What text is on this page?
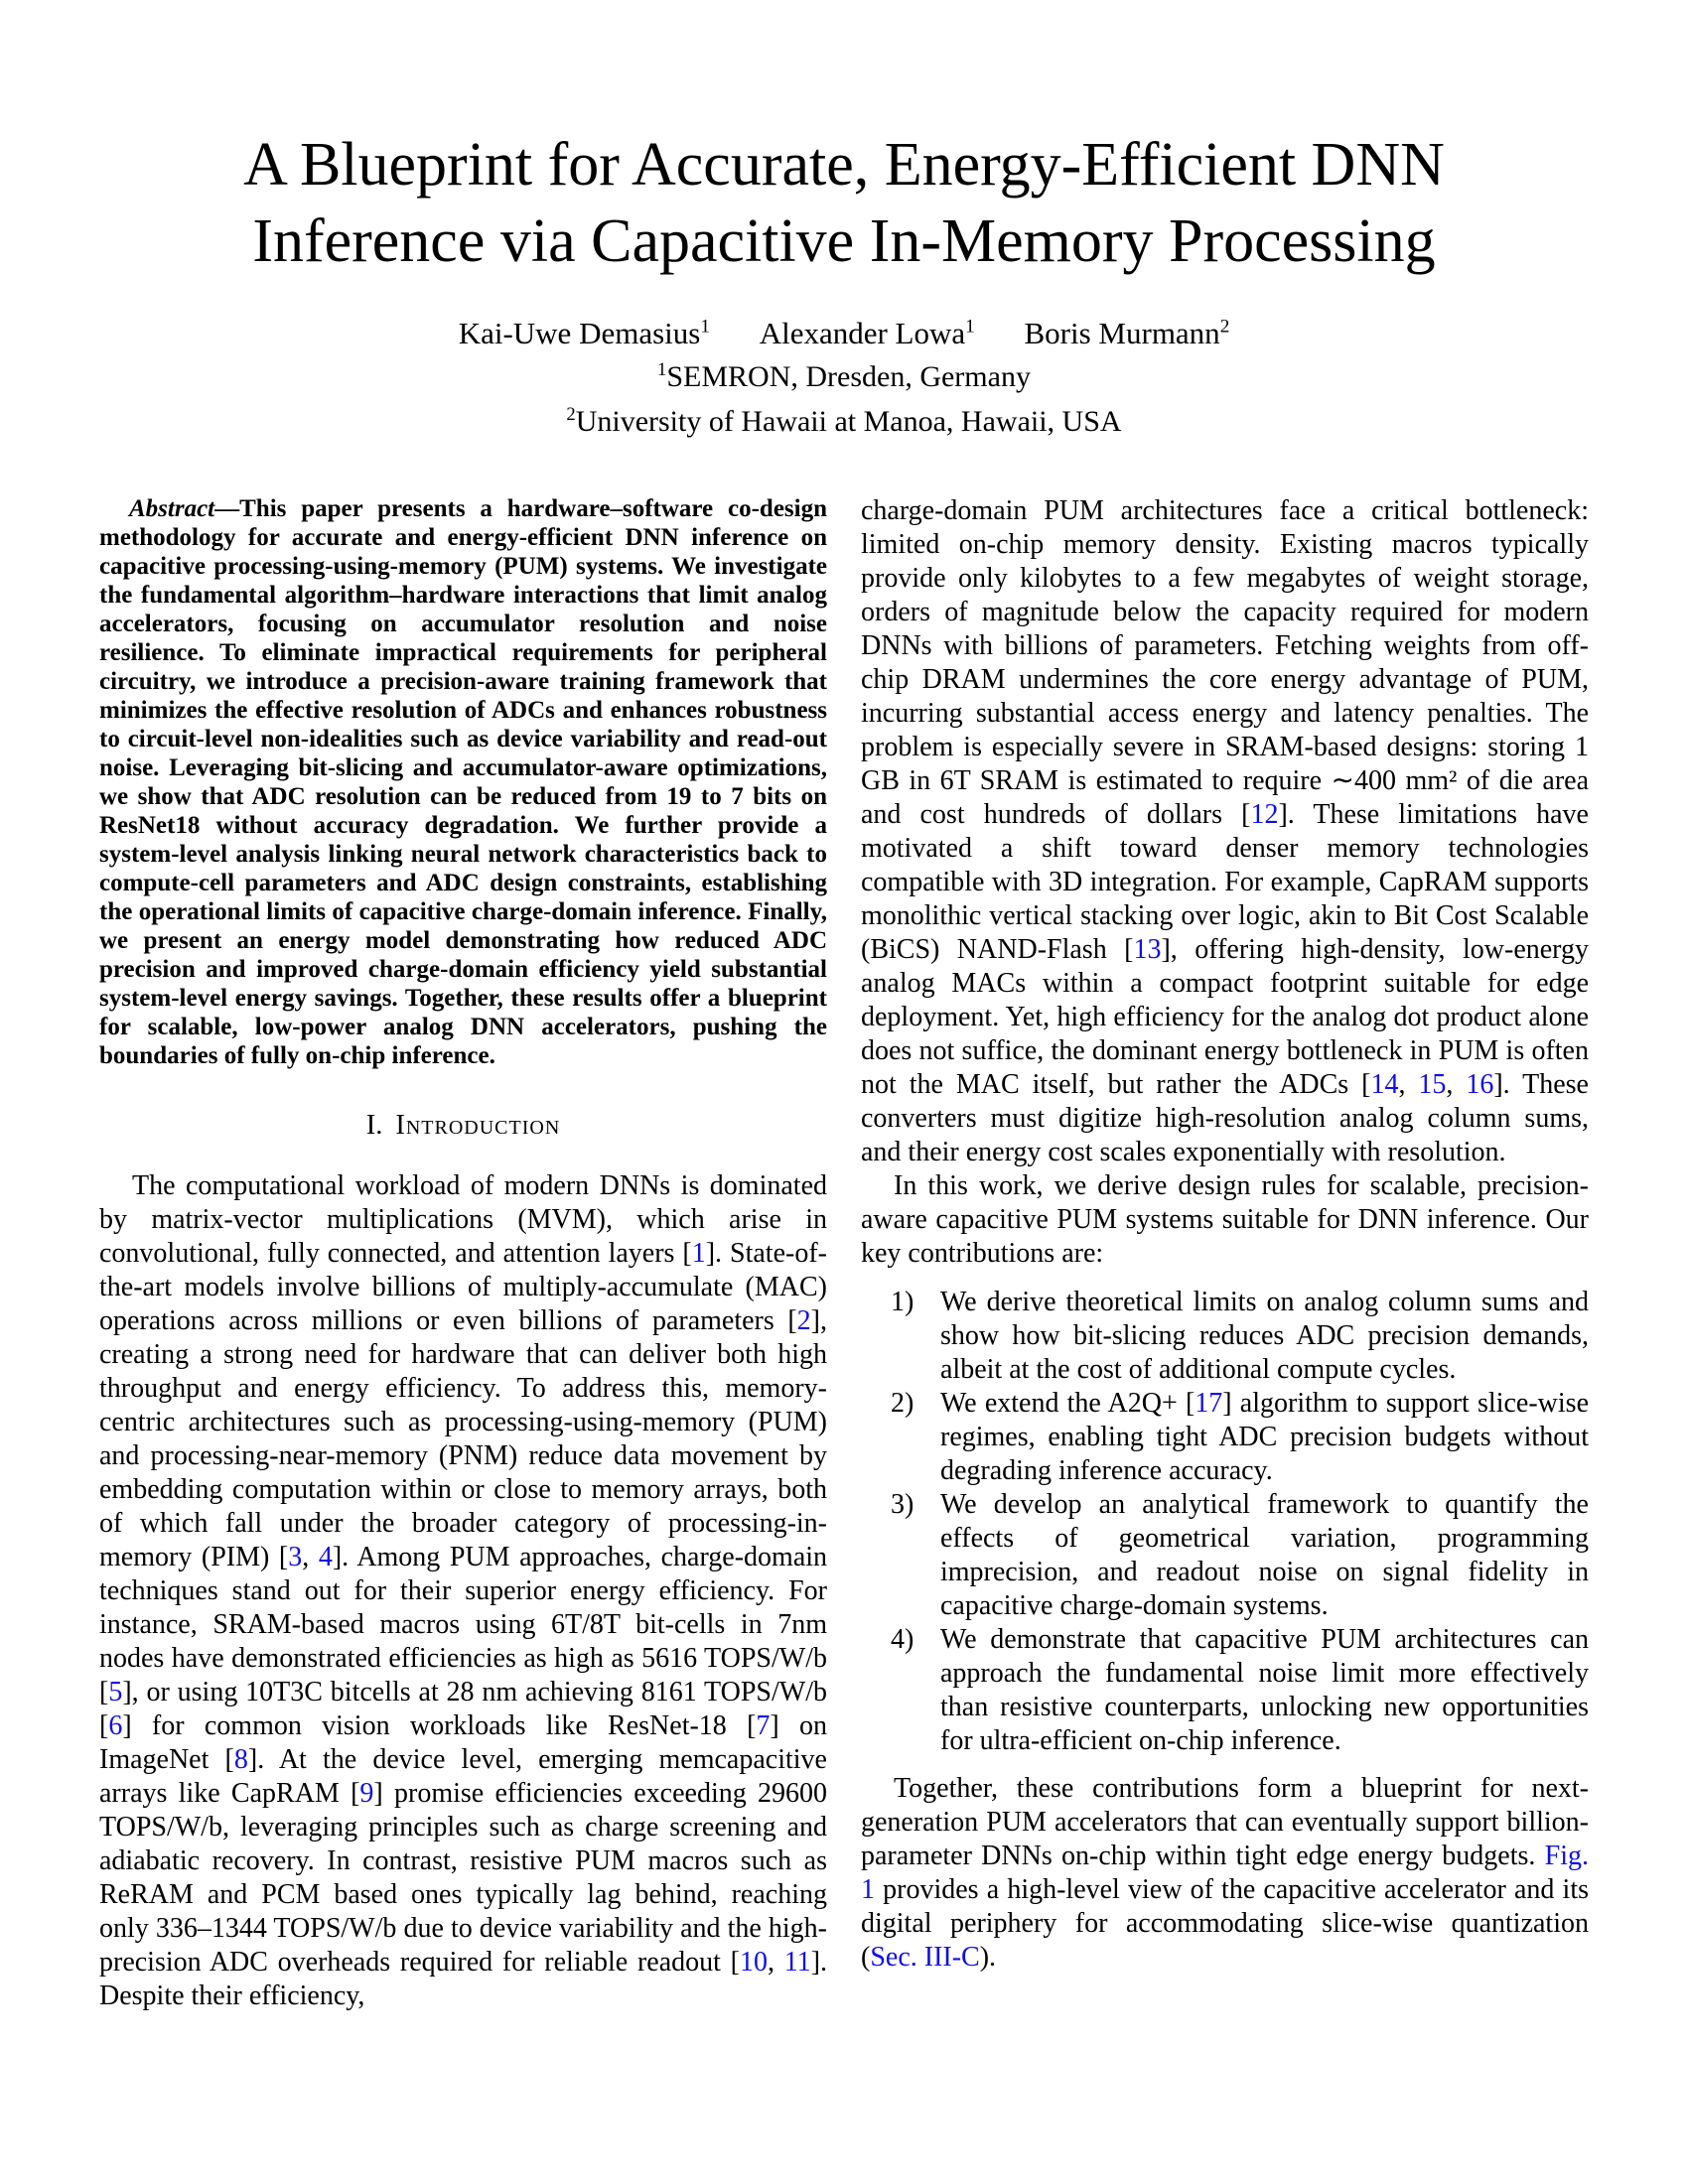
A Blueprint for Accurate, Energy-Efficient DNN Inference via Capacitive In-Memory Processing
Kai-Uwe Demasius$^1$ Alexander Lowa$^1$ Boris Murmann$^2$
$^1$SEMRON, Dresden, Germany
$^2$University of Hawaii at Manoa, Hawaii, USA

Abstract—This paper presents a hardware–software co-design methodology for accurate and energy-efficient DNN inference on capacitive processing-using-memory (PUM) systems. We investigate the fundamental algorithm–hardware interactions that limit analog accelerators, focusing on accumulator resolution and noise resilience. To eliminate impractical requirements for peripheral circuitry, we introduce a precision-aware training framework that minimizes the effective resolution of ADCs and enhances robustness to circuit-level non-idealities such as device variability and read-out noise. Leveraging bit-slicing and accumulator-aware optimizations, we show that ADC resolution can be reduced from 19 to 7 bits on ResNet18 without accuracy degradation. We further provide a system-level analysis linking neural network characteristics back to compute-cell parameters and ADC design constraints, establishing the operational limits of capacitive charge-domain inference. Finally, we present an energy model demonstrating how reduced ADC precision and improved charge-domain efficiency yield substantial system-level energy savings. Together, these results offer a blueprint for scalable, low-power analog DNN accelerators, pushing the boundaries of fully on-chip inference.

I. Introduction

The computational workload of modern DNNs is dominated by matrix-vector multiplications (MVM), which arise in convolutional, fully connected, and attention layers [1]. State-of-the-art models involve billions of multiply-accumulate (MAC) operations across millions or even billions of parameters [2], creating a strong need for hardware that can deliver both high throughput and energy efficiency. To address this, memory-centric architectures such as processing-using-memory (PUM) and processing-near-memory (PNM) reduce data movement by embedding computation within or close to memory arrays, both of which fall under the broader category of processing-in-memory (PIM) [3, 4]. Among PUM approaches, charge-domain techniques stand out for their superior energy efficiency. For instance, SRAM-based macros using 6T/8T bit-cells in 7nm nodes have demonstrated efficiencies as high as 5616 TOPS/W/b [5], or using 10T3C bitcells at 28 nm achieving 8161 TOPS/W/b [6] for common vision workloads like ResNet-18 [7] on ImageNet [8]. At the device level, emerging memcapacitive arrays like CapRAM [9] promise efficiencies exceeding 29600 TOPS/W/b, leveraging principles such as charge screening and adiabatic recovery. In contrast, resistive PUM macros such as ReRAM and PCM based ones typically lag behind, reaching only 336–1344 TOPS/W/b due to device variability and the high-precision ADC overheads required for reliable readout [10, 11]. Despite their efficiency,

charge-domain PUM architectures face a critical bottleneck: limited on-chip memory density. Existing macros typically provide only kilobytes to a few megabytes of weight storage, orders of magnitude below the capacity required for modern DNNs with billions of parameters. Fetching weights from off-chip DRAM undermines the core energy advantage of PUM, incurring substantial access energy and latency penalties. The problem is especially severe in SRAM-based designs: storing 1 GB in 6T SRAM is estimated to require ∼400 mm² of die area and cost hundreds of dollars [12]. These limitations have motivated a shift toward denser memory technologies compatible with 3D integration. For example, CapRAM supports monolithic vertical stacking over logic, akin to Bit Cost Scalable (BiCS) NAND-Flash [13], offering high-density, low-energy analog MACs within a compact footprint suitable for edge deployment. Yet, high efficiency for the analog dot product alone does not suffice, the dominant energy bottleneck in PUM is often not the MAC itself, but rather the ADCs [14, 15, 16]. These converters must digitize high-resolution analog column sums, and their energy cost scales exponentially with resolution.

In this work, we derive design rules for scalable, precision-aware capacitive PUM systems suitable for DNN inference. Our key contributions are:

1) We derive theoretical limits on analog column sums and show how bit-slicing reduces ADC precision demands, albeit at the cost of additional compute cycles.
2) We extend the A2Q+ [17] algorithm to support slice-wise regimes, enabling tight ADC precision budgets without degrading inference accuracy.
3) We develop an analytical framework to quantify the effects of geometrical variation, programming imprecision, and readout noise on signal fidelity in capacitive charge-domain systems.
4) We demonstrate that capacitive PUM architectures can approach the fundamental noise limit more effectively than resistive counterparts, unlocking new opportunities for ultra-efficient on-chip inference.

Together, these contributions form a blueprint for next-generation PUM accelerators that can eventually support billion-parameter DNNs on-chip within tight edge energy budgets. Fig. 1 provides a high-level view of the capacitive accelerator and its digital periphery for accommodating slice-wise quantization (Sec. III-C).
